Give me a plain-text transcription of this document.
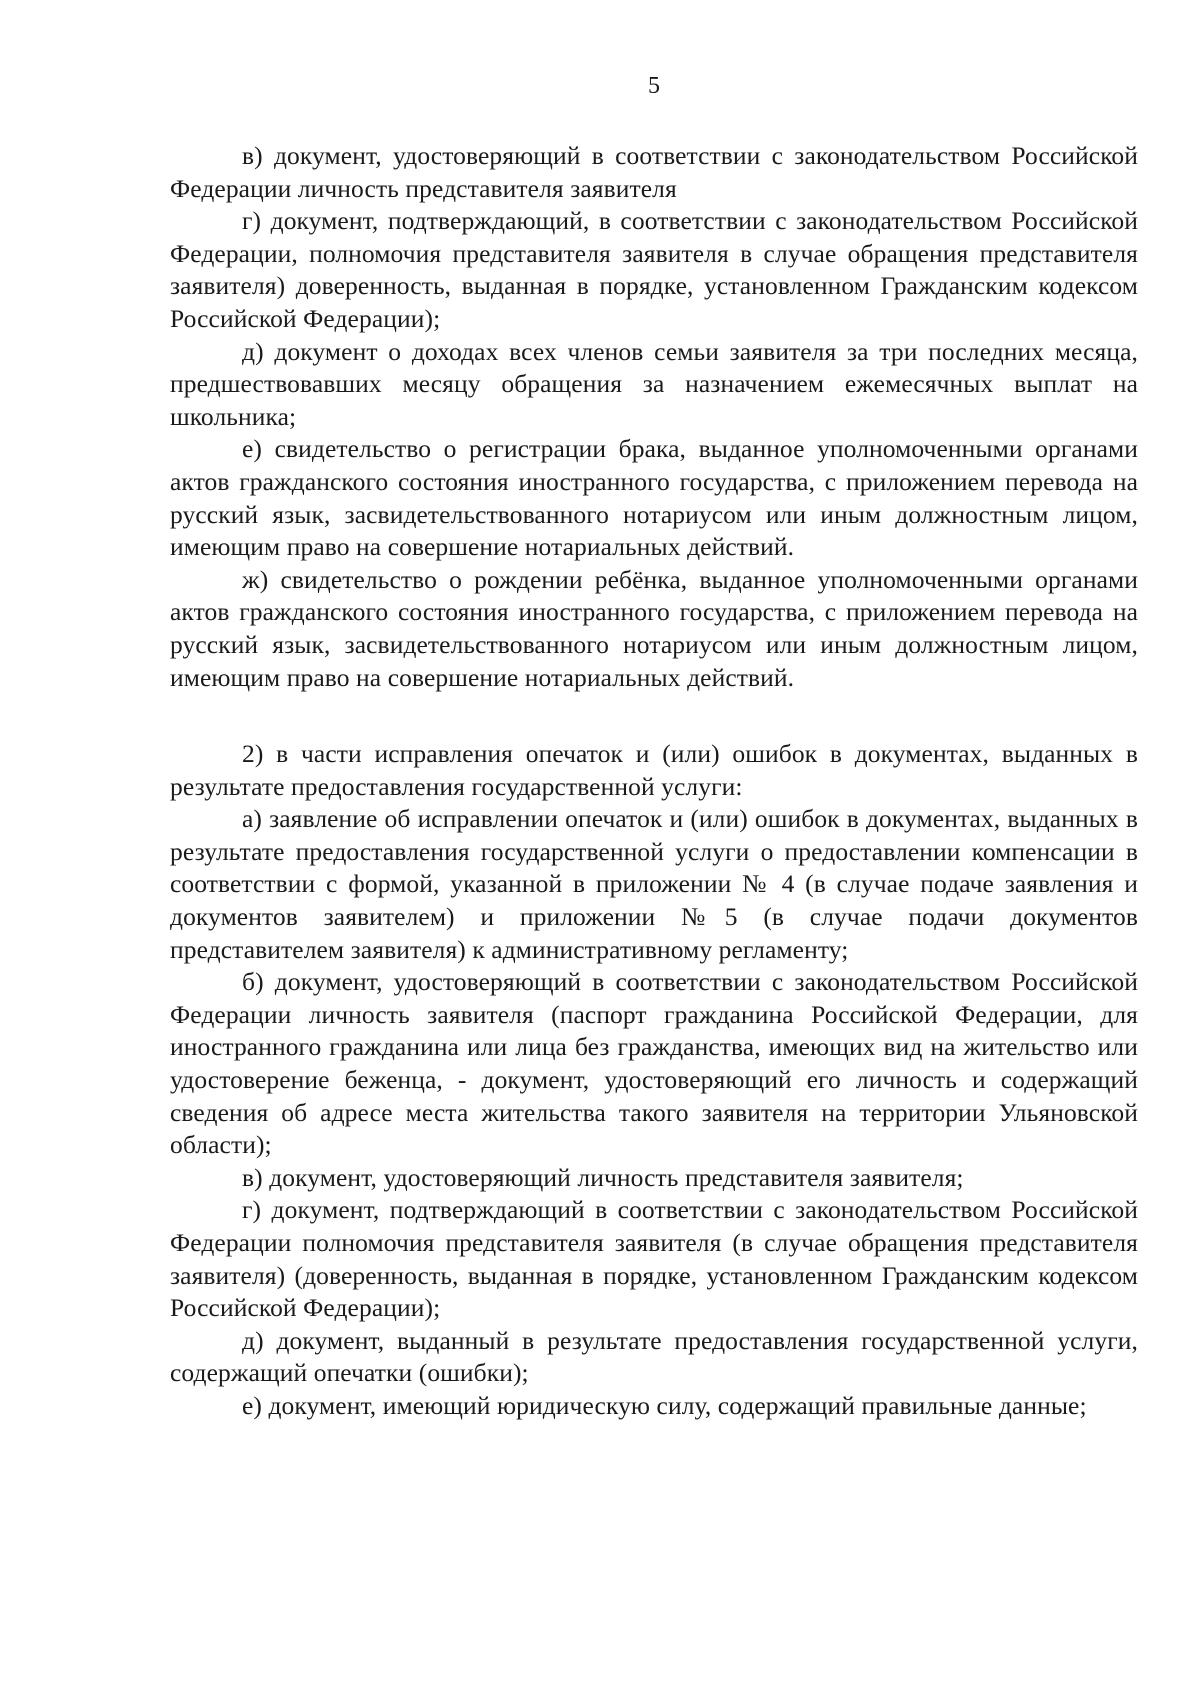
5

в) документ, удостоверяющий в соответствии с законодательством Российской Федерации личность представителя заявителя

г) документ, подтверждающий, в соответствии с законодательством Российской Федерации, полномочия представителя заявителя в случае обращения представителя заявителя) доверенность, выданная в порядке, установленном Гражданским кодексом Российской Федерации);

д) документ о доходах всех членов семьи заявителя за три последних месяца, предшествовавших месяцу обращения за назначением ежемесячных выплат на школьника;

е) свидетельство о регистрации брака, выданное уполномоченными органами актов гражданского состояния иностранного государства, с приложением перевода на русский язык, засвидетельствованного нотариусом или иным должностным лицом, имеющим право на совершение нотариальных действий.

ж) свидетельство о рождении ребёнка, выданное уполномоченными органами актов гражданского состояния иностранного государства, с приложением перевода на русский язык, засвидетельствованного нотариусом или иным должностным лицом, имеющим право на совершение нотариальных действий.

2) в части исправления опечаток и (или) ошибок в документах, выданных в результате предоставления государственной услуги:

а) заявление об исправлении опечаток и (или) ошибок в документах, выданных в результате предоставления государственной услуги о предоставлении компенсации в соответствии с формой, указанной в приложении № 4 (в случае подаче заявления и документов заявителем) и приложении №5 (в случае подачи документов представителем заявителя) к административному регламенту;

б) документ, удостоверяющий в соответствии с законодательством Российской Федерации личность заявителя (паспорт гражданина Российской Федерации, для иностранного гражданина или лица без гражданства, имеющих вид на жительство или удостоверение беженца, - документ, удостоверяющий его личность и содержащий сведения об адресе места жительства такого заявителя на территории Ульяновской области);

в) документ, удостоверяющий личность представителя заявителя;

г) документ, подтверждающий в соответствии с законодательством Российской Федерации полномочия представителя заявителя (в случае обращения представителя заявителя) (доверенность, выданная в порядке, установленном Гражданским кодексом Российской Федерации);

д) документ, выданный в результате предоставления государственной услуги, содержащий опечатки (ошибки);

е) документ, имеющий юридическую силу, содержащий правильные данные;
